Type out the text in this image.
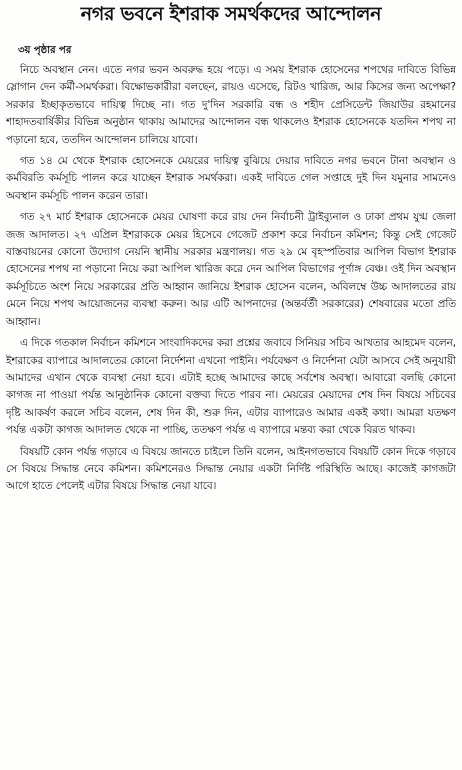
নগর ভবনে ইশরাক সমর্থকদের আন্দোলন
৩য় পৃষ্ঠার পর

নিচে অবস্থান নেন। এতে নগর ভবন অবরুদ্ধ হয়ে পড়ে। এ সময় ইশরাক হোসেনের শপথের দাবিতে বিভিন্ন স্লোগান দেন কর্মী-সমর্থকরা। বিক্ষোভকারীরা বলছেন, রায়ও এসেছে, রিটও খারিজ, আর কিসের জন্য অপেক্ষা? সরকার ইচ্ছাকৃতভাবে দায়িত্ব দিচ্ছে না। গত দু'দিন সরকারি বন্ধ ও শহীদ প্রেসিডেন্ট জিয়াউর রহমানের শাহাদতবার্ষিকীর বিভিন্ন অনুষ্ঠান থাকায় আমাদের আন্দোলন বন্ধ থাকলেও ইশরাক হোসেনকে যতদিন শপথ না পড়ানো হবে, ততদিন আন্দোলন চালিয়ে যাবো।

গত ১৪ মে থেকে ইশরাক হোসেনকে মেয়রের দায়িত্ব বুঝিয়ে দেয়ার দাবিতে নগর ভবনে টানা অবস্থান ও কর্মবিরতি কর্মসূচি পালন করে যাচ্ছেন ইশরাক সমর্থকরা। একই দাবিতে গেল সপ্তাহে দুই দিন যমুনার সামনেও অবস্থান কর্মসূচি পালন করেন তারা।

গত ২৭ মার্চ ইশরাক হোসেনকে মেয়র ঘোষণা করে রায় দেন নির্বাচনী ট্রাইব্যুনাল ও ঢাকা প্রথম যুগ্ম জেলা জজ আদালত। ২৭ এপ্রিল ইশরাককে মেয়র হিসেবে গেজেট প্রকাশ করে নির্বাচন কমিশন; কিন্তু সেই গেজেট বাস্তবায়নের কোনো উদ্যোগ নেয়নি স্থানীয় সরকার মন্ত্রণালয়। গত ২৯ মে বৃহস্পতিবার আপিল বিভাগ ইশরাক হোসেনের শপথ না পড়ানো নিয়ে করা আপিল খারিজ করে দেন আপিল বিভাগের পূর্ণাঙ্গ বেঞ্চ। ওই দিন অবস্থান কর্মসূচিতে অংশ নিয়ে সরকারের প্রতি আহ্বান জানিয়ে ইশরাক হোসেন বলেন, অবিলম্বে উচ্চ আদালতের রায় মেনে নিয়ে শপথ আয়োজনের ব্যবস্থা করুন। আর এটি আপনাদের (অন্তর্বর্তী সরকারের) শেষবারের মতো প্রতি আহ্বান।

এ দিকে গতকাল নির্বাচন কমিশনে সাংবাদিকদের করা প্রশ্নের জবাবে সিনিয়র সচিব আখতার আহমেদ বলেন, ইশরাকের ব্যাপারে আদালতের কোনো নির্দেশনা এখনো পাইনি। পর্যবেক্ষণ ও নির্দেশনা যেটা আসবে সেই অনুযায়ী আমাদের এখান থেকে ব্যবস্থা নেয়া হবে। এটাই হচ্ছে আমাদের কাছে সর্বশেষ অবস্থা। আবারো বলছি কোনো কাগজ না পাওয়া পর্যন্ত আনুষ্ঠানিক কোনো বক্তব্য দিতে পারব না। মেয়রের মেয়াদের শেষ দিন বিষয়ে সচিবের দৃষ্টি আকর্ষণ করলে সচিব বলেন, শেষ দিন কী, শুরু দিন, এটার ব্যাপারেও আমার একই কথা। আমরা যতক্ষণ পর্যন্ত একটা কাগজ আদালত থেকে না পাচ্ছি, ততক্ষণ পর্যন্ত এ ব্যাপারে মন্তব্য করা থেকে বিরত থাকব।

বিষয়টি কোন পর্যন্ত গড়াবে এ বিষয়ে জানতে চাইলে তিনি বলেন, আইনগতভাবে বিষয়টি কোন দিকে গড়াবে সে বিষয়ে সিদ্ধান্ত নেবে কমিশন। কমিশনেরও সিদ্ধান্ত নেয়ার একটা নির্দিষ্ট পরিস্থিতি আছে। কাজেই কাগজটা আগে হাতে পেলেই এটার বিষয়ে সিদ্ধান্ত নেয়া যাবে।
